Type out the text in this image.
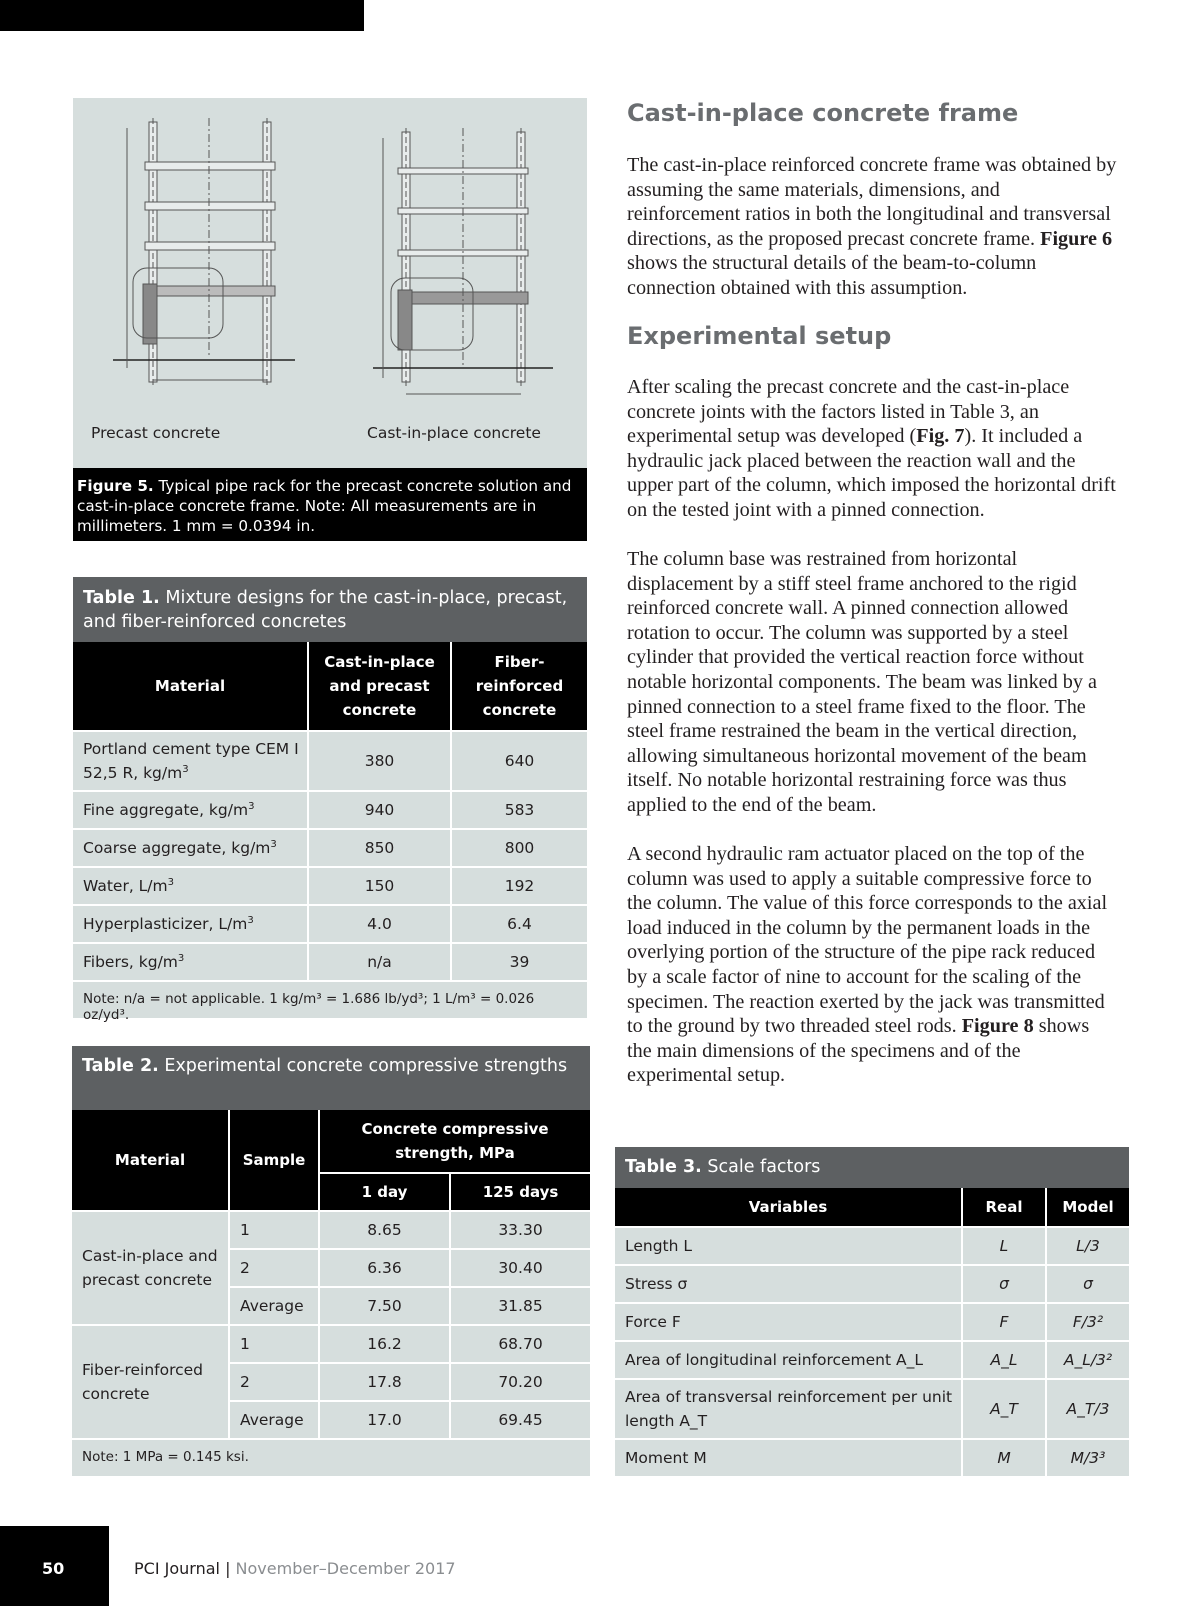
Precast concrete	Cast-in-place concrete
Figure 5. Typical pipe rack for the precast concrete solution and cast-in-place concrete frame. Note: All measurements are in millimeters. 1 mm = 0.0394 in.
Table 1. Mixture designs for the cast-in-place, precast, and fiber-reinforced concretes
Material	Cast-in-place and precast concrete	Fiber-reinforced concrete
Portland cement type CEM I 52,5 R, $kg/m^3$	380	640
Fine aggregate, $kg/m^3$	940	583
Coarse aggregate, $kg/m^3$	850	800
Water, $L/m^3$	150	192
Hyperplasticizer, $L/m^3$	4.0	6.4
Fibers, $kg/m^3$	n/a	39
Note: n/a = not applicable. 1 kg/m³ = 1.686 lb/yd³; 1 L/m³ = 0.026 oz/yd³.
Table 2. Experimental concrete compressive strengths
Material	Sample	Concrete compressive strength, MPa	
		1 day	125 days
Cast-in-place and precast concrete	1	8.65	33.30
	2	6.36	30.40
	Average	7.50	31.85
Fiber-reinforced concrete	1	16.2	68.70
	2	17.8	70.20
	Average	17.0	69.45
Note: 1 MPa = 0.145 ksi.
Cast-in-place concrete frame
The cast-in-place reinforced concrete frame was obtained by assuming the same materials, dimensions, and reinforcement ratios in both the longitudinal and transversal directions, as the proposed precast concrete frame. Figure 6 shows the structural details of the beam-to-column connection obtained with this assumption.
Experimental setup
After scaling the precast concrete and the cast-in-place concrete joints with the factors listed in Table 3, an experimental setup was developed (Fig. 7). It included a hydraulic jack placed between the reaction wall and the upper part of the column, which imposed the horizontal drift on the tested joint with a pinned connection.
The column base was restrained from horizontal displacement by a stiff steel frame anchored to the rigid reinforced concrete wall. A pinned connection allowed rotation to occur. The column was supported by a steel cylinder that provided the vertical reaction force without notable horizontal components. The beam was linked by a pinned connection to a steel frame fixed to the floor. The steel frame restrained the beam in the vertical direction, allowing simultaneous horizontal movement of the beam itself. No notable horizontal restraining force was thus applied to the end of the beam.
A second hydraulic ram actuator placed on the top of the column was used to apply a suitable compressive force to the column. The value of this force corresponds to the axial load induced in the column by the permanent loads in the overlying portion of the structure of the pipe rack reduced by a scale factor of nine to account for the scaling of the specimen. The reaction exerted by the jack was transmitted to the ground by two threaded steel rods. Figure 8 shows the main dimensions of the specimens and of the experimental setup.
Table 3. Scale factors
Variables	Real	Model
Length L	L	L/3
Stress σ	σ	σ
Force F	F	F/3²
Area of longitudinal reinforcement A_L	A_L	A_L/3²
Area of transversal reinforcement per unit length A_T	A_T	A_T/3
Moment M	M	M/3³
50	PCI Journal | November–December 2017
